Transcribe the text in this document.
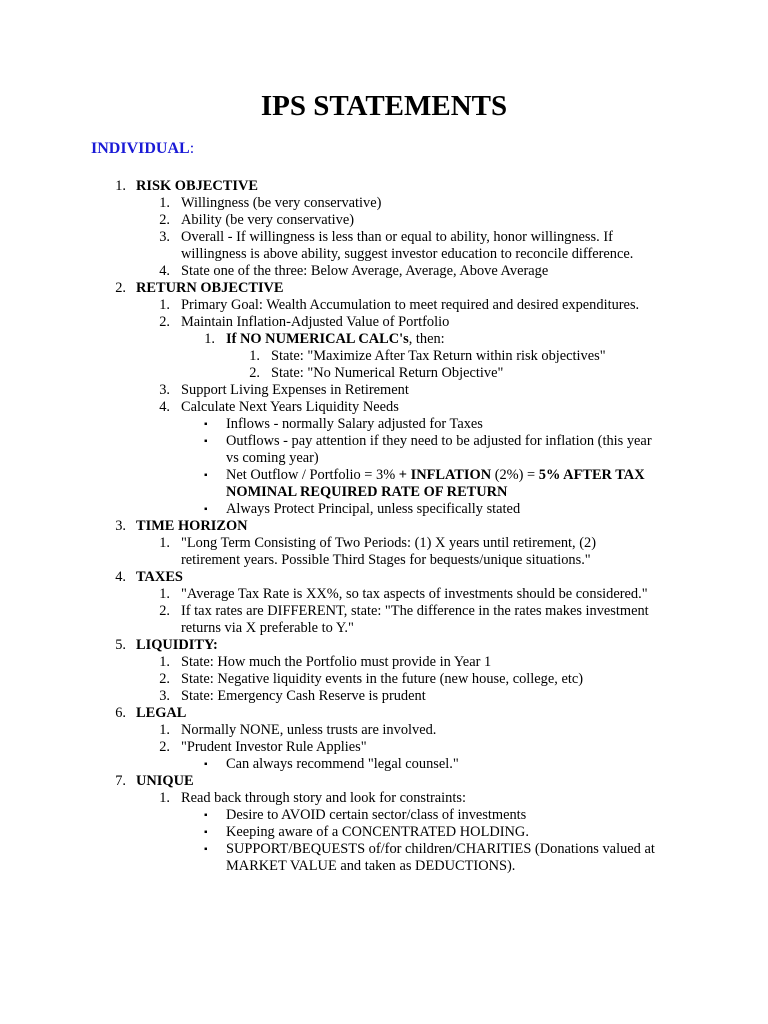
IPS STATEMENTS
INDIVIDUAL:
1. RISK OBJECTIVE
1. Willingness (be very conservative)
2. Ability (be very conservative)
3. Overall - If willingness is less than or equal to ability, honor willingness. If
willingness is above ability, suggest investor education to reconcile difference.
4. State one of the three: Below Average, Average, Above Average
2. RETURN OBJECTIVE
1. Primary Goal: Wealth Accumulation to meet required and desired expenditures.
2. Maintain Inflation-Adjusted Value of Portfolio
1. If NO NUMERICAL CALC's, then:
1. State: "Maximize After Tax Return within risk objectives"
2. State: "No Numerical Return Objective"
3. Support Living Expenses in Retirement
4. Calculate Next Years Liquidity Needs
▪ Inflows - normally Salary adjusted for Taxes
▪ Outflows - pay attention if they need to be adjusted for inflation (this year
vs coming year)
▪ Net Outflow / Portfolio = 3% + INFLATION (2%) = 5% AFTER TAX
NOMINAL REQUIRED RATE OF RETURN
▪ Always Protect Principal, unless specifically stated
3. TIME HORIZON
1. "Long Term Consisting of Two Periods: (1) X years until retirement, (2)
retirement years. Possible Third Stages for bequests/unique situations."
4. TAXES
1. "Average Tax Rate is XX%, so tax aspects of investments should be considered."
2. If tax rates are DIFFERENT, state: "The difference in the rates makes investment
returns via X preferable to Y."
5. LIQUIDITY:
1. State: How much the Portfolio must provide in Year 1
2. State: Negative liquidity events in the future (new house, college, etc)
3. State: Emergency Cash Reserve is prudent
6. LEGAL
1. Normally NONE, unless trusts are involved.
2. "Prudent Investor Rule Applies"
▪ Can always recommend "legal counsel."
7. UNIQUE
1. Read back through story and look for constraints:
▪ Desire to AVOID certain sector/class of investments
▪ Keeping aware of a CONCENTRATED HOLDING.
▪ SUPPORT/BEQUESTS of/for children/CHARITIES (Donations valued at
MARKET VALUE and taken as DEDUCTIONS).
